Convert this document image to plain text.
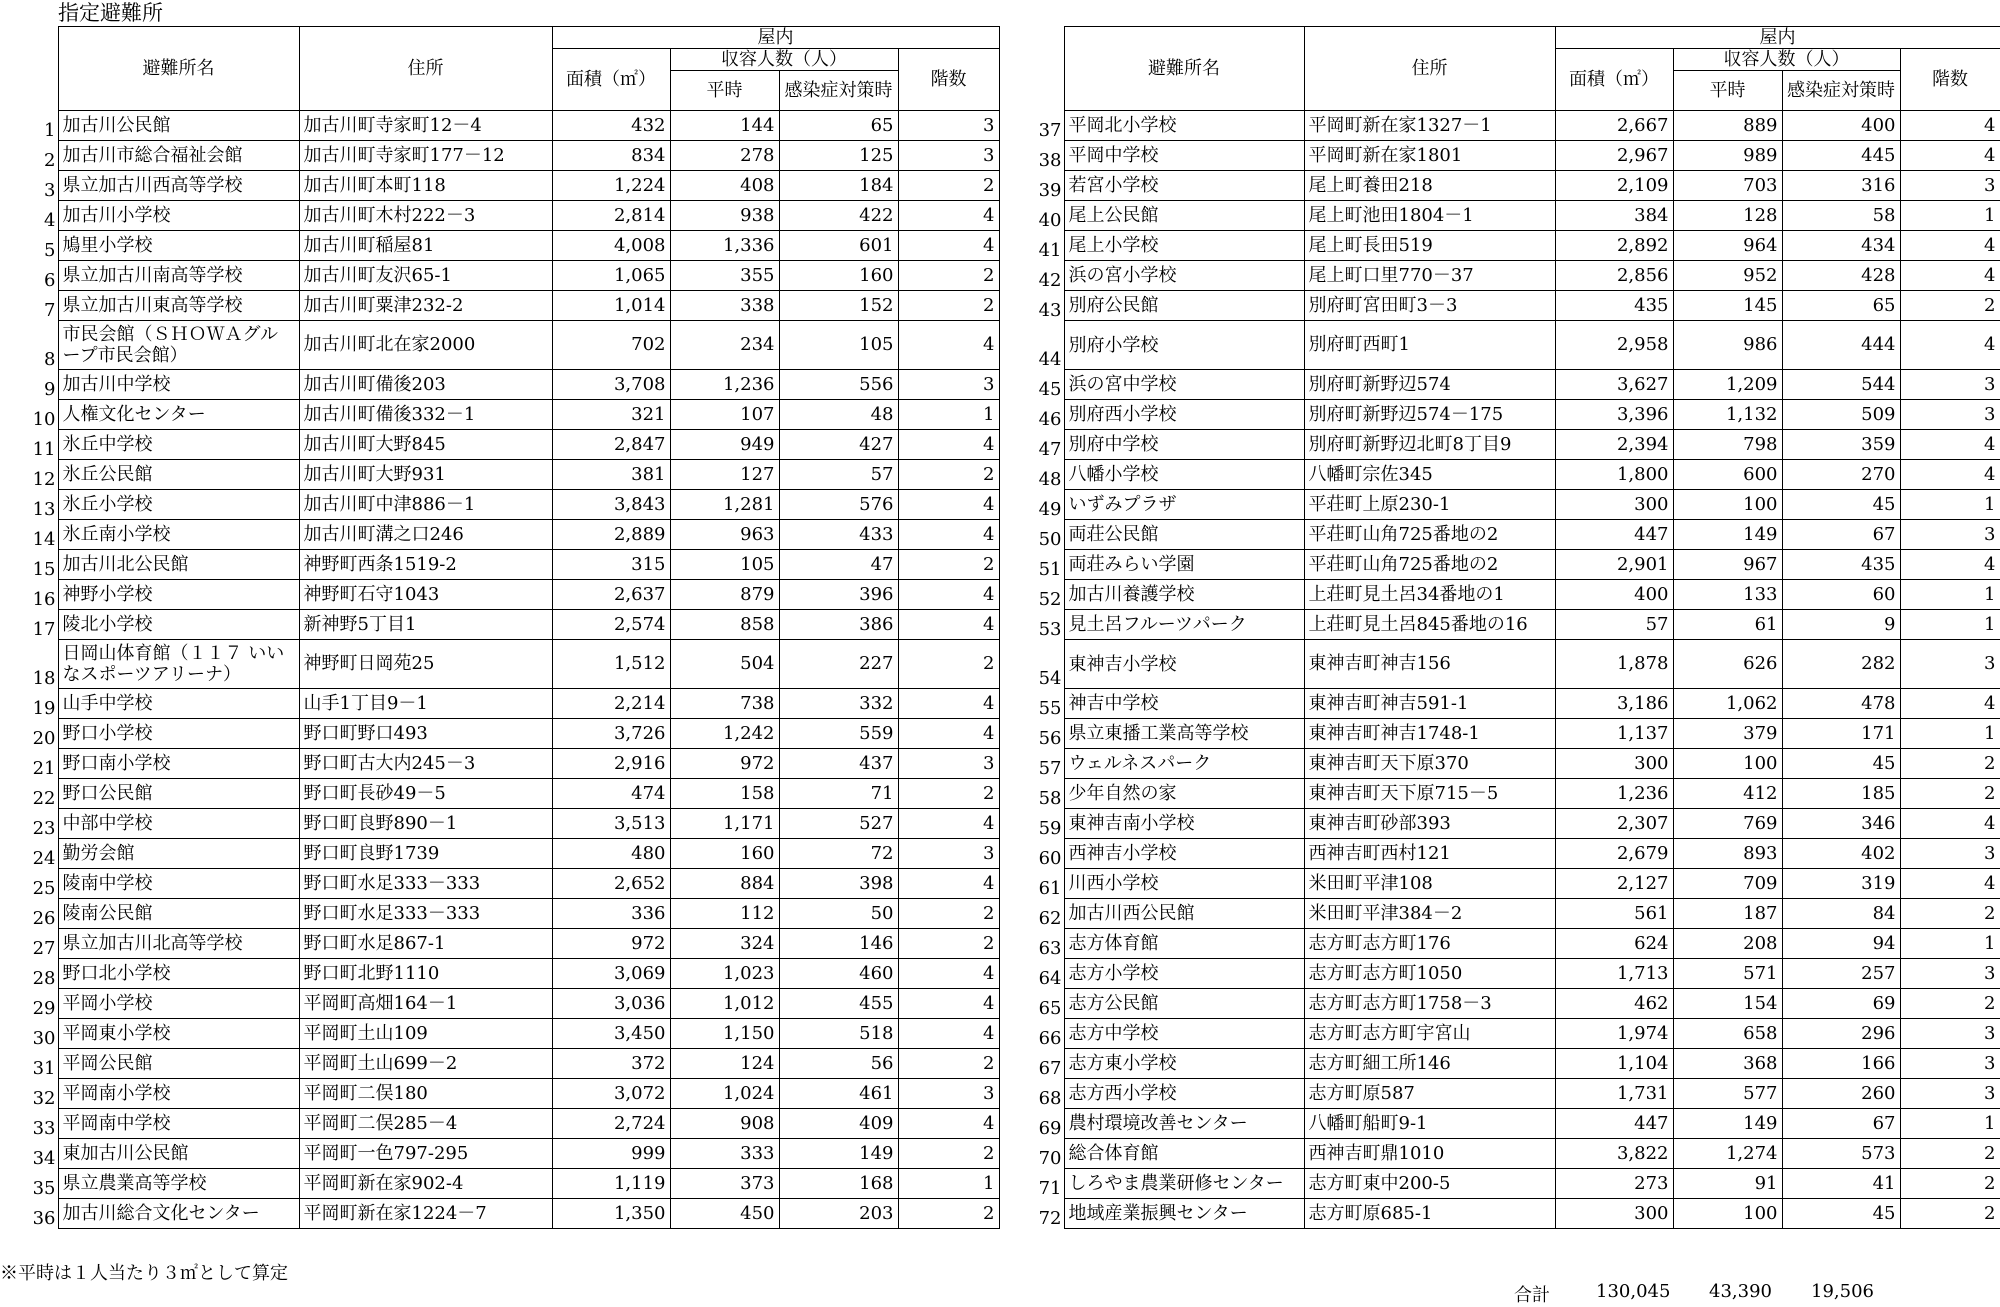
指定避難所
	避難所名	住所	屋内			
			面積（㎡）	収容人数（人）		階数
				平時	感染症対策時	
1	加古川公民館	加古川町寺家町12－4	432	144	65	3
2	加古川市総合福祉会館	加古川町寺家町177－12	834	278	125	3
3	県立加古川西高等学校	加古川町本町118	1,224	408	184	2
4	加古川小学校	加古川町木村222－3	2,814	938	422	4
5	鳩里小学校	加古川町稲屋81	4,008	1,336	601	4
6	県立加古川南高等学校	加古川町友沢65-1	1,065	355	160	2
7	県立加古川東高等学校	加古川町粟津232-2	1,014	338	152	2
8	市民会館（ＳＨＯＷＡグループ市民会館）	加古川町北在家2000	702	234	105	4
9	加古川中学校	加古川町備後203	3,708	1,236	556	3
10	人権文化センター	加古川町備後332－1	321	107	48	1
11	氷丘中学校	加古川町大野845	2,847	949	427	4
12	氷丘公民館	加古川町大野931	381	127	57	2
13	氷丘小学校	加古川町中津886－1	3,843	1,281	576	4
14	氷丘南小学校	加古川町溝之口246	2,889	963	433	4
15	加古川北公民館	神野町西条1519-2	315	105	47	2
16	神野小学校	神野町石守1043	2,637	879	396	4
17	陵北小学校	新神野5丁目1	2,574	858	386	4
18	日岡山体育館（１１７ いいなスポーツアリーナ）	神野町日岡苑25	1,512	504	227	2
19	山手中学校	山手1丁目9－1	2,214	738	332	4
20	野口小学校	野口町野口493	3,726	1,242	559	4
21	野口南小学校	野口町古大内245－3	2,916	972	437	3
22	野口公民館	野口町長砂49－5	474	158	71	2
23	中部中学校	野口町良野890－1	3,513	1,171	527	4
24	勤労会館	野口町良野1739	480	160	72	3
25	陵南中学校	野口町水足333－333	2,652	884	398	4
26	陵南公民館	野口町水足333－333	336	112	50	2
27	県立加古川北高等学校	野口町水足867-1	972	324	146	2
28	野口北小学校	野口町北野1110	3,069	1,023	460	4
29	平岡小学校	平岡町高畑164－1	3,036	1,012	455	4
30	平岡東小学校	平岡町土山109	3,450	1,150	518	4
31	平岡公民館	平岡町土山699－2	372	124	56	2
32	平岡南小学校	平岡町二俣180	3,072	1,024	461	3
33	平岡南中学校	平岡町二俣285－4	2,724	908	409	4
34	東加古川公民館	平岡町一色797-295	999	333	149	2
35	県立農業高等学校	平岡町新在家902-4	1,119	373	168	1
36	加古川総合文化センター	平岡町新在家1224－7	1,350	450	203	2
	避難所名	住所	屋内			
			面積（㎡）	収容人数（人）		階数
				平時	感染症対策時	
37	平岡北小学校	平岡町新在家1327－1	2,667	889	400	4
38	平岡中学校	平岡町新在家1801	2,967	989	445	4
39	若宮小学校	尾上町養田218	2,109	703	316	3
40	尾上公民館	尾上町池田1804－1	384	128	58	1
41	尾上小学校	尾上町長田519	2,892	964	434	4
42	浜の宮小学校	尾上町口里770－37	2,856	952	428	4
43	別府公民館	別府町宮田町3－3	435	145	65	2
44	別府小学校	別府町西町1	2,958	986	444	4
45	浜の宮中学校	別府町新野辺574	3,627	1,209	544	3
46	別府西小学校	別府町新野辺574－175	3,396	1,132	509	3
47	別府中学校	別府町新野辺北町8丁目9	2,394	798	359	4
48	八幡小学校	八幡町宗佐345	1,800	600	270	4
49	いずみプラザ	平荘町上原230-1	300	100	45	1
50	両荘公民館	平荘町山角725番地の2	447	149	67	3
51	両荘みらい学園	平荘町山角725番地の2	2,901	967	435	4
52	加古川養護学校	上荘町見土呂34番地の1	400	133	60	1
53	見土呂フルーツパーク	上荘町見土呂845番地の16	57	61	9	1
54	東神吉小学校	東神吉町神吉156	1,878	626	282	3
55	神吉中学校	東神吉町神吉591-1	3,186	1,062	478	4
56	県立東播工業高等学校	東神吉町神吉1748-1	1,137	379	171	1
57	ウェルネスパーク	東神吉町天下原370	300	100	45	2
58	少年自然の家	東神吉町天下原715－5	1,236	412	185	2
59	東神吉南小学校	東神吉町砂部393	2,307	769	346	4
60	西神吉小学校	西神吉町西村121	2,679	893	402	3
61	川西小学校	米田町平津108	2,127	709	319	4
62	加古川西公民館	米田町平津384－2	561	187	84	2
63	志方体育館	志方町志方町176	624	208	94	1
64	志方小学校	志方町志方町1050	1,713	571	257	3
65	志方公民館	志方町志方町1758－3	462	154	69	2
66	志方中学校	志方町志方町宇宮山	1,974	658	296	3
67	志方東小学校	志方町細工所146	1,104	368	166	3
68	志方西小学校	志方町原587	1,731	577	260	3
69	農村環境改善センター	八幡町船町9-1	447	149	67	1
70	総合体育館	西神吉町鼎1010	3,822	1,274	573	2
71	しろやま農業研修センター	志方町東中200-5	273	91	41	2
72	地域産業振興センター	志方町原685-1	300	100	45	2
※平時は１人当たり３㎡として算定
合計	130,045	43,390	19,506
